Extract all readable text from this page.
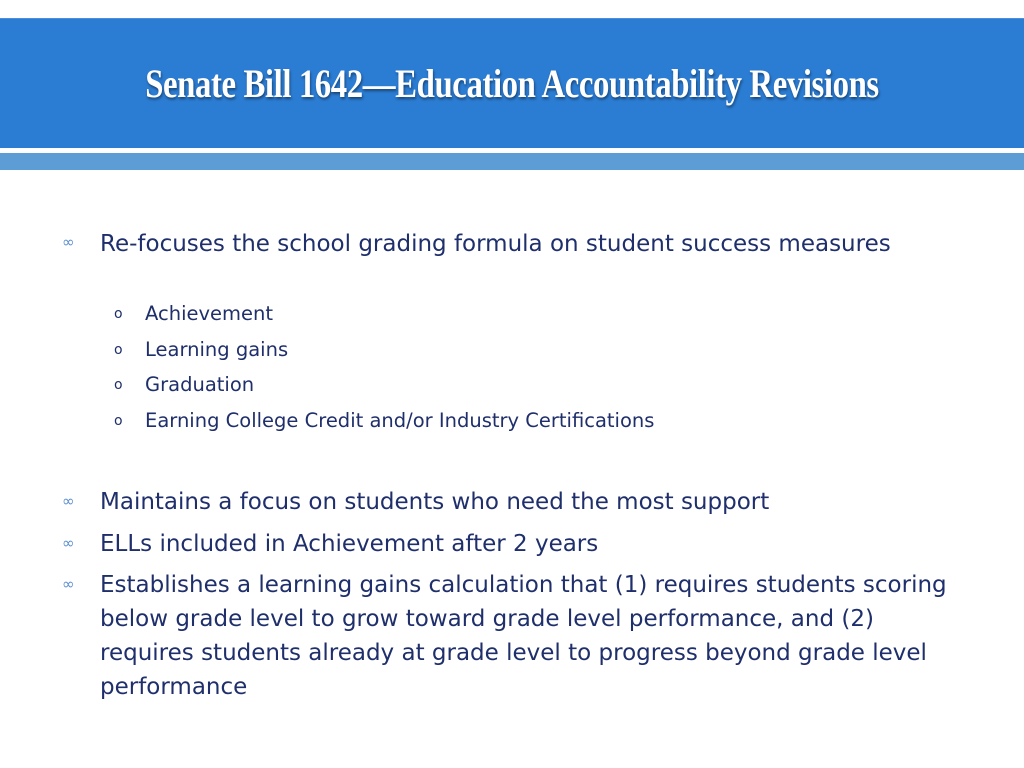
Senate Bill 1642—Education Accountability Revisions
∞	Re-focuses the school grading formula on student success measures
o Achievement
o Learning gains
o Graduation
o Earning College Credit and/or Industry Certifications
∞	Maintains a focus on students who need the most support
∞	ELLs included in Achievement after 2 years
∞	Establishes a learning gains calculation that (1) requires students scoring below grade level to grow toward grade level performance, and (2) requires students already at grade level to progress beyond grade level performance
